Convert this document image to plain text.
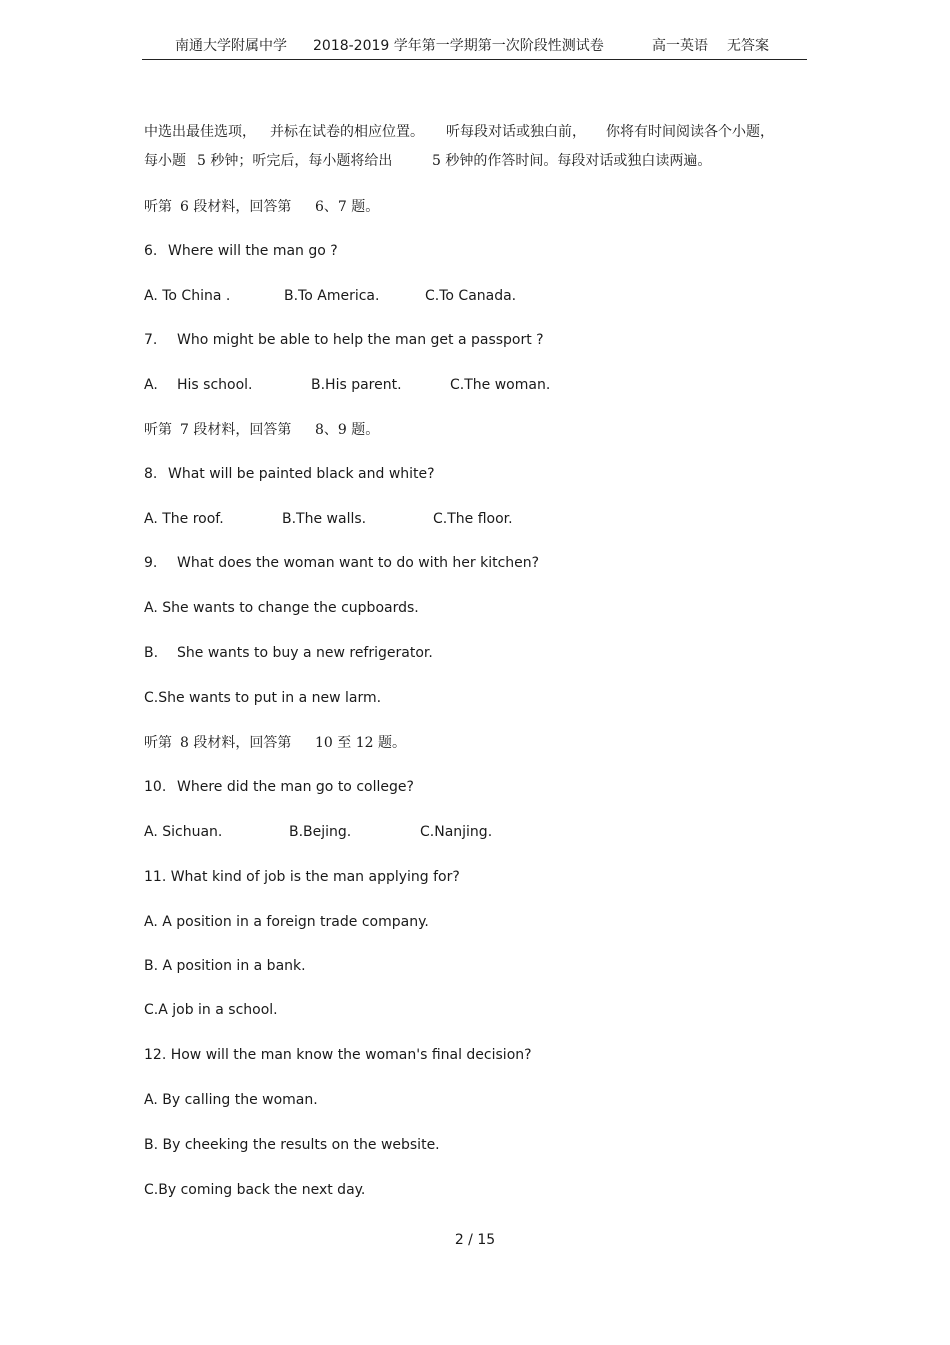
南通大学附属中学 2018-2019 学年第一学期第一次阶段性测试卷	高一英语 无答案
中选出最佳选项， 并标在试卷的相应位置。 听每段对话或独白前， 你将有时间阅读各个小题，
每小题 5 秒钟；听完后，每小题将给出	5 秒钟的作答时间。每段对话或独白读两遍。
听第 6 段材料，回答第 6、7 题。
6. Where will the man go ?
A. To China .	B.To America.	C.To Canada.
7. Who might be able to help the man get a passport ?
A. His school.	B.His parent.	C.The woman.
听第 7 段材料，回答第 8、9 题。
8. What will be painted black and white?
A. The roof.	B.The walls.	C.The floor.
9. What does the woman want to do with her kitchen?
A. She wants to change the cupboards.
B. She wants to buy a new refrigerator.
C.She wants to put in a new larm.
听第 8 段材料，回答第 10 至 12 题。
10. Where did the man go to college?
A. Sichuan.	B.Bejing.	C.Nanjing.
11. What kind of job is the man applying for?
A. A position in a foreign trade company.
B. A position in a bank.
C.A job in a school.
12. How will the man know the woman's final decision?
A. By calling the woman.
B. By cheeking the results on the website.
C.By coming back the next day.
2 / 15
